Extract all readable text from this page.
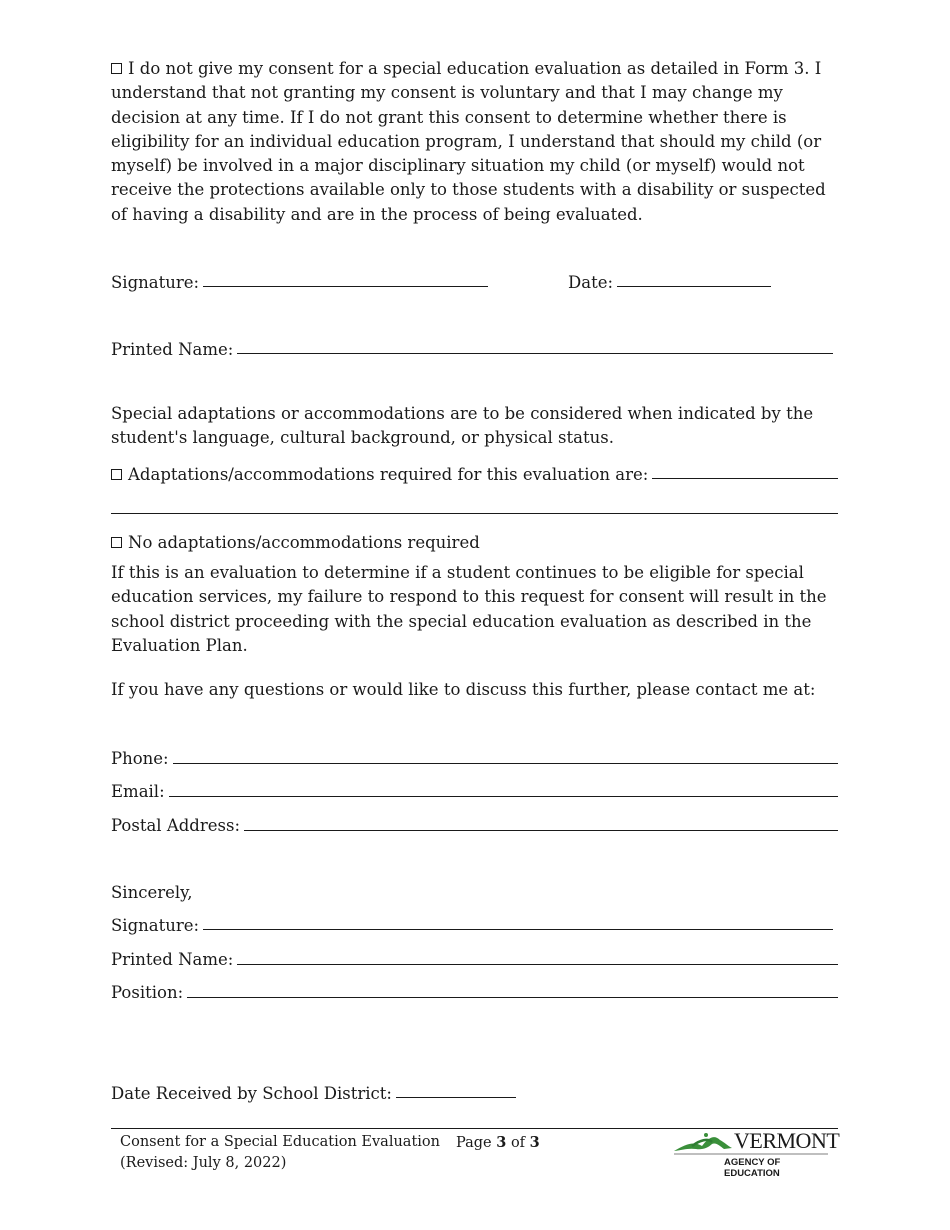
I do not give my consent for a special education evaluation as detailed in Form 3. I understand that not granting my consent is voluntary and that I may change my decision at any time. If I do not grant this consent to determine whether there is eligibility for an individual education program, I understand that should my child (or myself) be involved in a major disciplinary situation my child (or myself) would not receive the protections available only to those students with a disability or suspected of having a disability and are in the process of being evaluated.
Signature:	Date:
Printed Name:
Special adaptations or accommodations are to be considered when indicated by the student's language, cultural background, or physical status.
Adaptations/accommodations required for this evaluation are:
No adaptations/accommodations required
If this is an evaluation to determine if a student continues to be eligible for special education services, my failure to respond to this request for consent will result in the school district proceeding with the special education evaluation as described in the Evaluation Plan.
If you have any questions or would like to discuss this further, please contact me at:
Phone:
Email:
Postal Address:
Sincerely,
Signature:
Printed Name:
Position:
Date Received by School District:
Consent for a Special Education Evaluation
(Revised: July 8, 2022)
Page 3 of 3	VERMONT
AGENCY OF EDUCATION
